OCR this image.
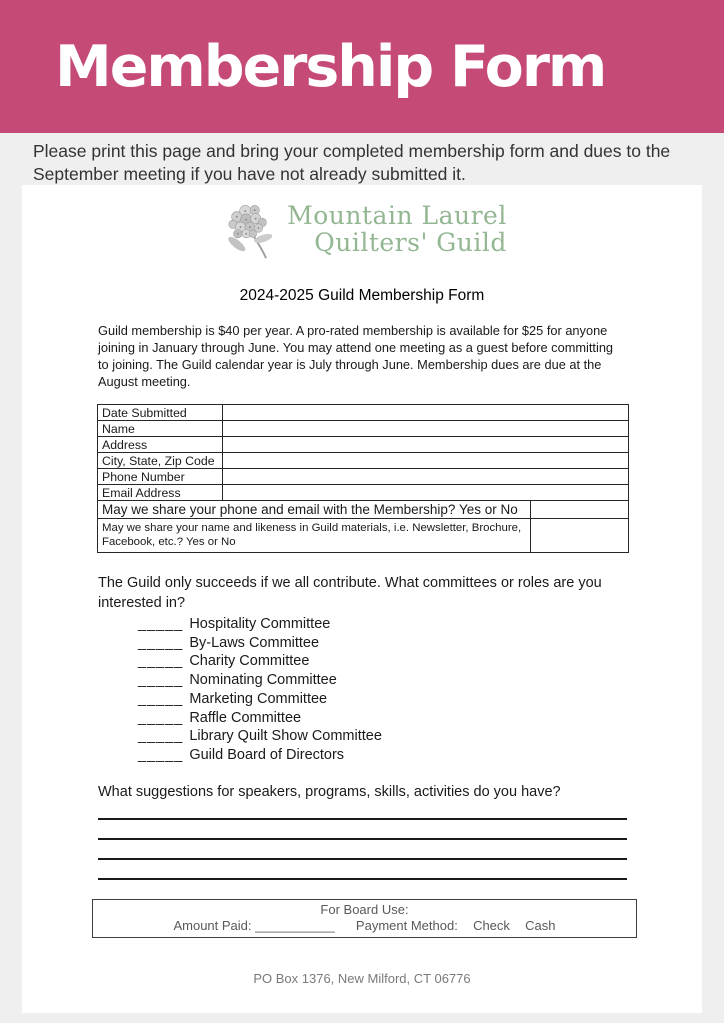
Membership Form
Please print this page and bring your completed membership form and dues to the September meeting if you have not already submitted it.
Mountain Laurel
Quilters' Guild
2024-2025 Guild Membership Form

Guild membership is $40 per year. A pro-rated membership is available for $25 for anyone joining in January through June. You may attend one meeting as a guest before committing to joining. The Guild calendar year is July through June. Membership dues are due at the August meeting.

Date Submitted		
Name		
Address		
City, State, Zip Code		
Phone Number		
Email Address		
May we share your phone and email with the Membership? Yes or No		
May we share your name and likeness in Guild materials, i.e. Newsletter, Brochure, Facebook, etc.? Yes or No		

The Guild only succeeds if we all contribute. What committees or roles are you interested in?

_____ Hospitality Committee
_____ By-Laws Committee
_____ Charity Committee
_____ Nominating Committee
_____ Marketing Committee
_____ Raffle Committee
_____ Library Quilt Show Committee
_____ Guild Board of Directors

What suggestions for speakers, programs, skills, activities do you have?

For Board Use:
Amount Paid: ___________ Payment Method: Check Cash
PO Box 1376, New Milford, CT 06776
